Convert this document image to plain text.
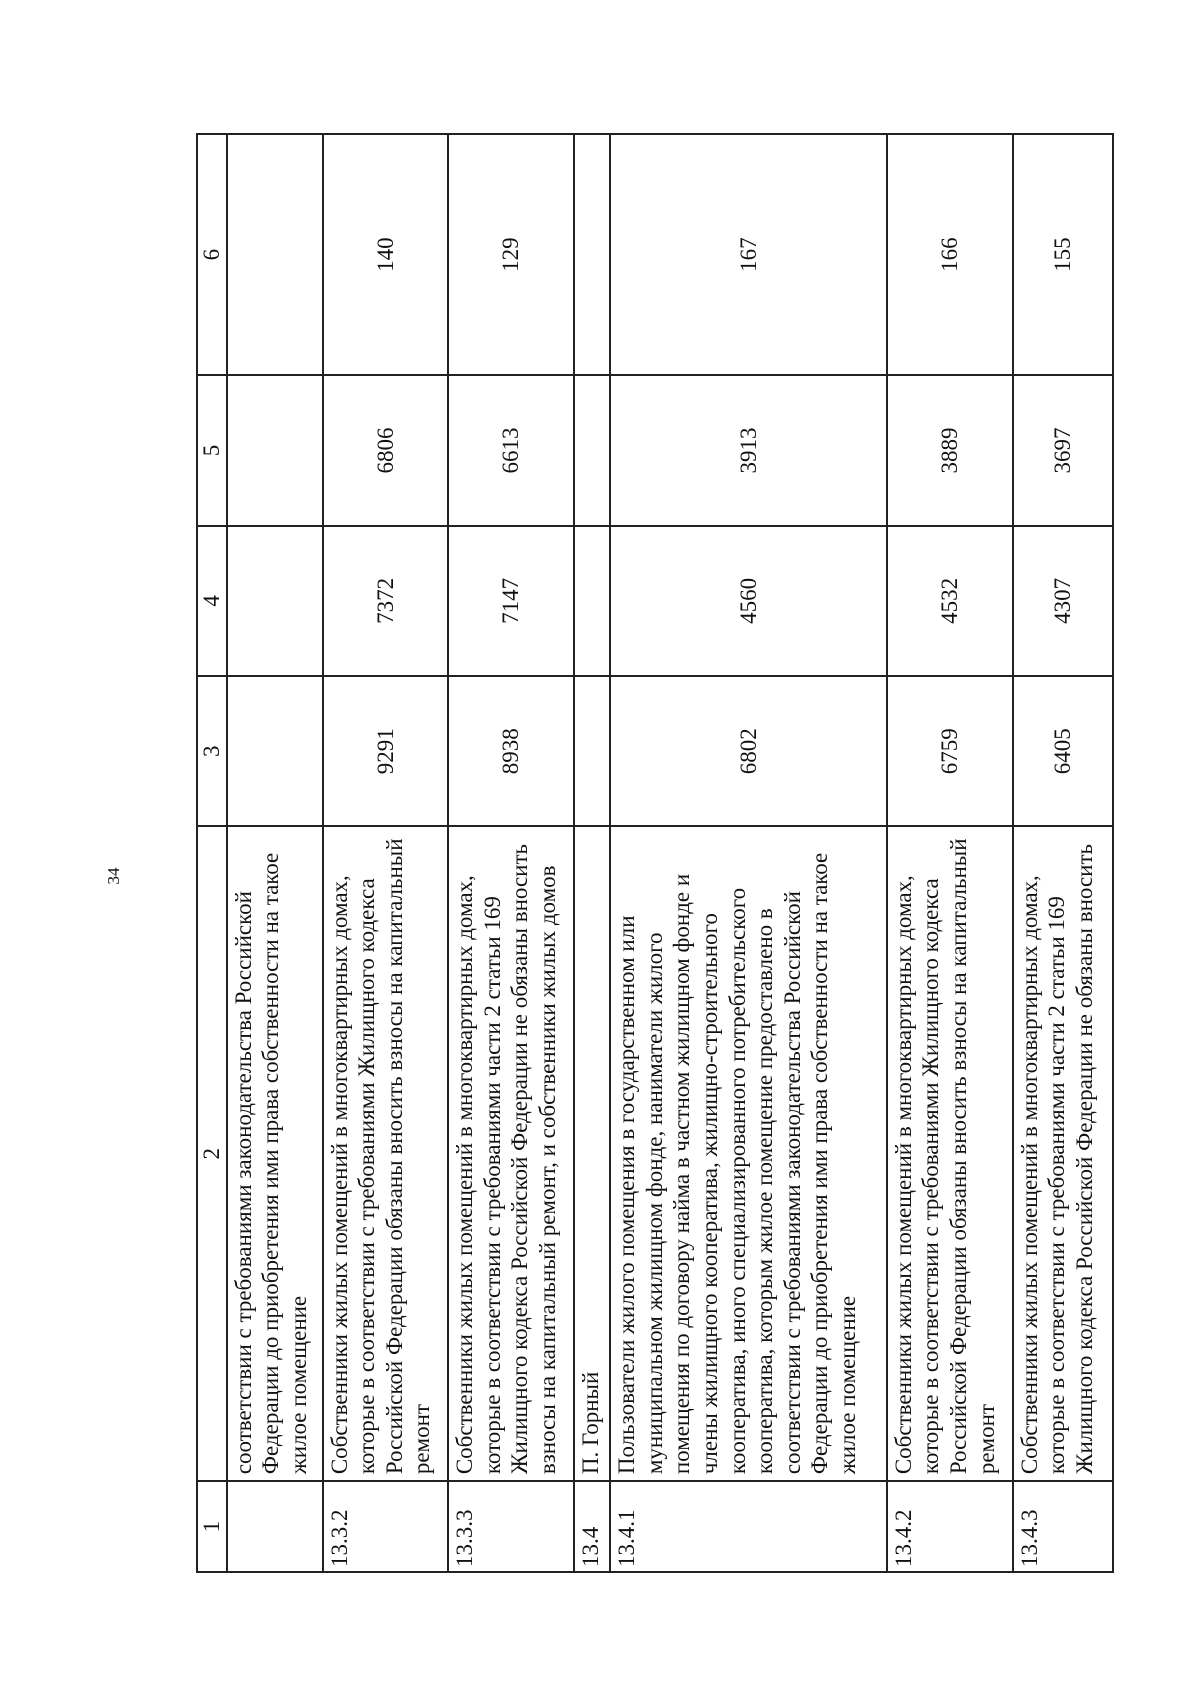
34
1	2	3	4	5	6
	соответствии с требованиями законодательства Российской Федерации до приобретения ими права собственности на такое жилое помещение				
13.3.2	Собственники жилых помещений в многоквартирных домах, которые в соответствии с требованиями Жилищного кодекса Российской Федерации обязаны вносить взносы на капитальный ремонт	9291	7372	6806	140
13.3.3	Собственники жилых помещений в многоквартирных домах, которые в соответствии с требованиями части 2 статьи 169 Жилищного кодекса Российской Федерации не обязаны вносить взносы на капитальный ремонт, и собственники жилых домов	8938	7147	6613	129
13.4	П. Горный				
13.4.1	Пользователи жилого помещения в государственном или муниципальном жилищном фонде, наниматели жилого помещения по договору найма в частном жилищном фонде и члены жилищного кооператива, жилищно-строительного кооператива, иного специализированного потребительского кооператива, которым жилое помещение предоставлено в соответствии с требованиями законодательства Российской Федерации до приобретения ими права собственности на такое жилое помещение	6802	4560	3913	167
13.4.2	Собственники жилых помещений в многоквартирных домах, которые в соответствии с требованиями Жилищного кодекса Российской Федерации обязаны вносить взносы на капитальный ремонт	6759	4532	3889	166
13.4.3	Собственники жилых помещений в многоквартирных домах, которые в соответствии с требованиями части 2 статьи 169 Жилищного кодекса Российской Федерации не обязаны вносить	6405	4307	3697	155
